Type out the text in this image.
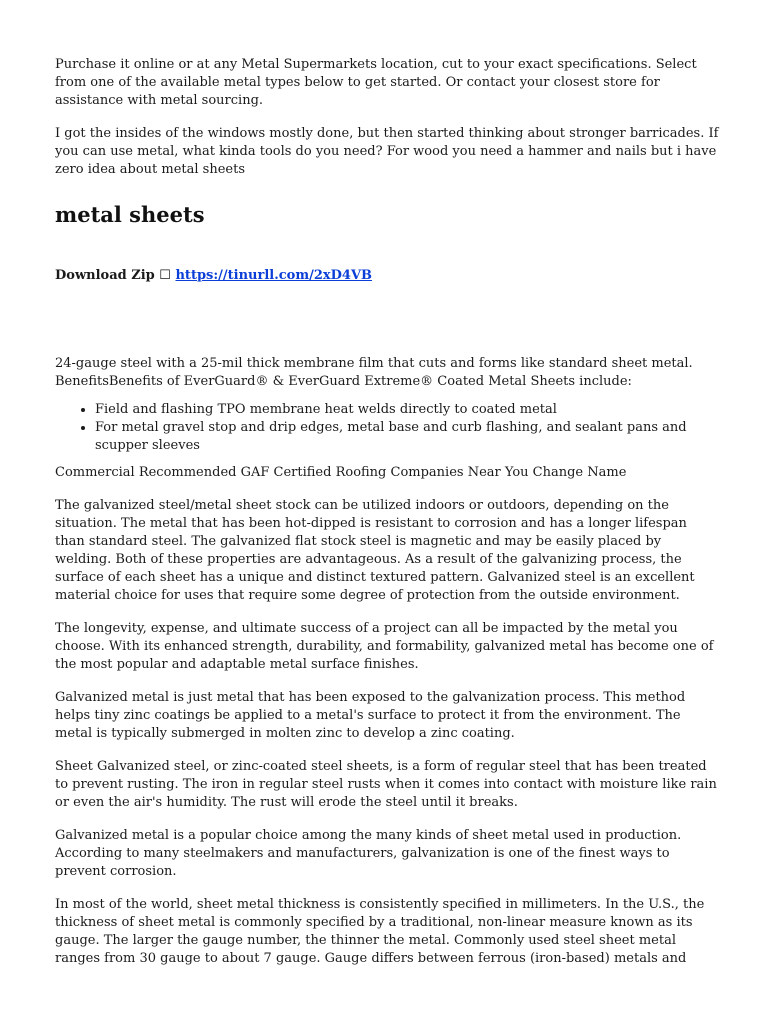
Purchase it online or at any Metal Supermarkets location, cut to your exact specifications. Select from one of the available metal types below to get started. Or contact your closest store for assistance with metal sourcing.

I got the insides of the windows mostly done, but then started thinking about stronger barricades. If you can use metal, what kinda tools do you need? For wood you need a hammer and nails but i have zero idea about metal sheets

metal sheets

Download Zip ☐ https://tinurll.com/2xD4VB

24-gauge steel with a 25-mil thick membrane film that cuts and forms like standard sheet metal. BenefitsBenefits of EverGuard® & EverGuard Extreme® Coated Metal Sheets include:

• Field and flashing TPO membrane heat welds directly to coated metal
• For metal gravel stop and drip edges, metal base and curb flashing, and sealant pans and scupper sleeves

Commercial Recommended GAF Certified Roofing Companies Near You Change Name

The galvanized steel/metal sheet stock can be utilized indoors or outdoors, depending on the situation. The metal that has been hot-dipped is resistant to corrosion and has a longer lifespan than standard steel. The galvanized flat stock steel is magnetic and may be easily placed by welding. Both of these properties are advantageous. As a result of the galvanizing process, the surface of each sheet has a unique and distinct textured pattern. Galvanized steel is an excellent material choice for uses that require some degree of protection from the outside environment.

The longevity, expense, and ultimate success of a project can all be impacted by the metal you choose. With its enhanced strength, durability, and formability, galvanized metal has become one of the most popular and adaptable metal surface finishes.

Galvanized metal is just metal that has been exposed to the galvanization process. This method helps tiny zinc coatings be applied to a metal's surface to protect it from the environment. The metal is typically submerged in molten zinc to develop a zinc coating.

Sheet Galvanized steel, or zinc-coated steel sheets, is a form of regular steel that has been treated to prevent rusting. The iron in regular steel rusts when it comes into contact with moisture like rain or even the air's humidity. The rust will erode the steel until it breaks.

Galvanized metal is a popular choice among the many kinds of sheet metal used in production. According to many steelmakers and manufacturers, galvanization is one of the finest ways to prevent corrosion.

In most of the world, sheet metal thickness is consistently specified in millimeters. In the U.S., the thickness of sheet metal is commonly specified by a traditional, non-linear measure known as its gauge. The larger the gauge number, the thinner the metal. Commonly used steel sheet metal ranges from 30 gauge to about 7 gauge. Gauge differs between ferrous (iron-based) metals and
